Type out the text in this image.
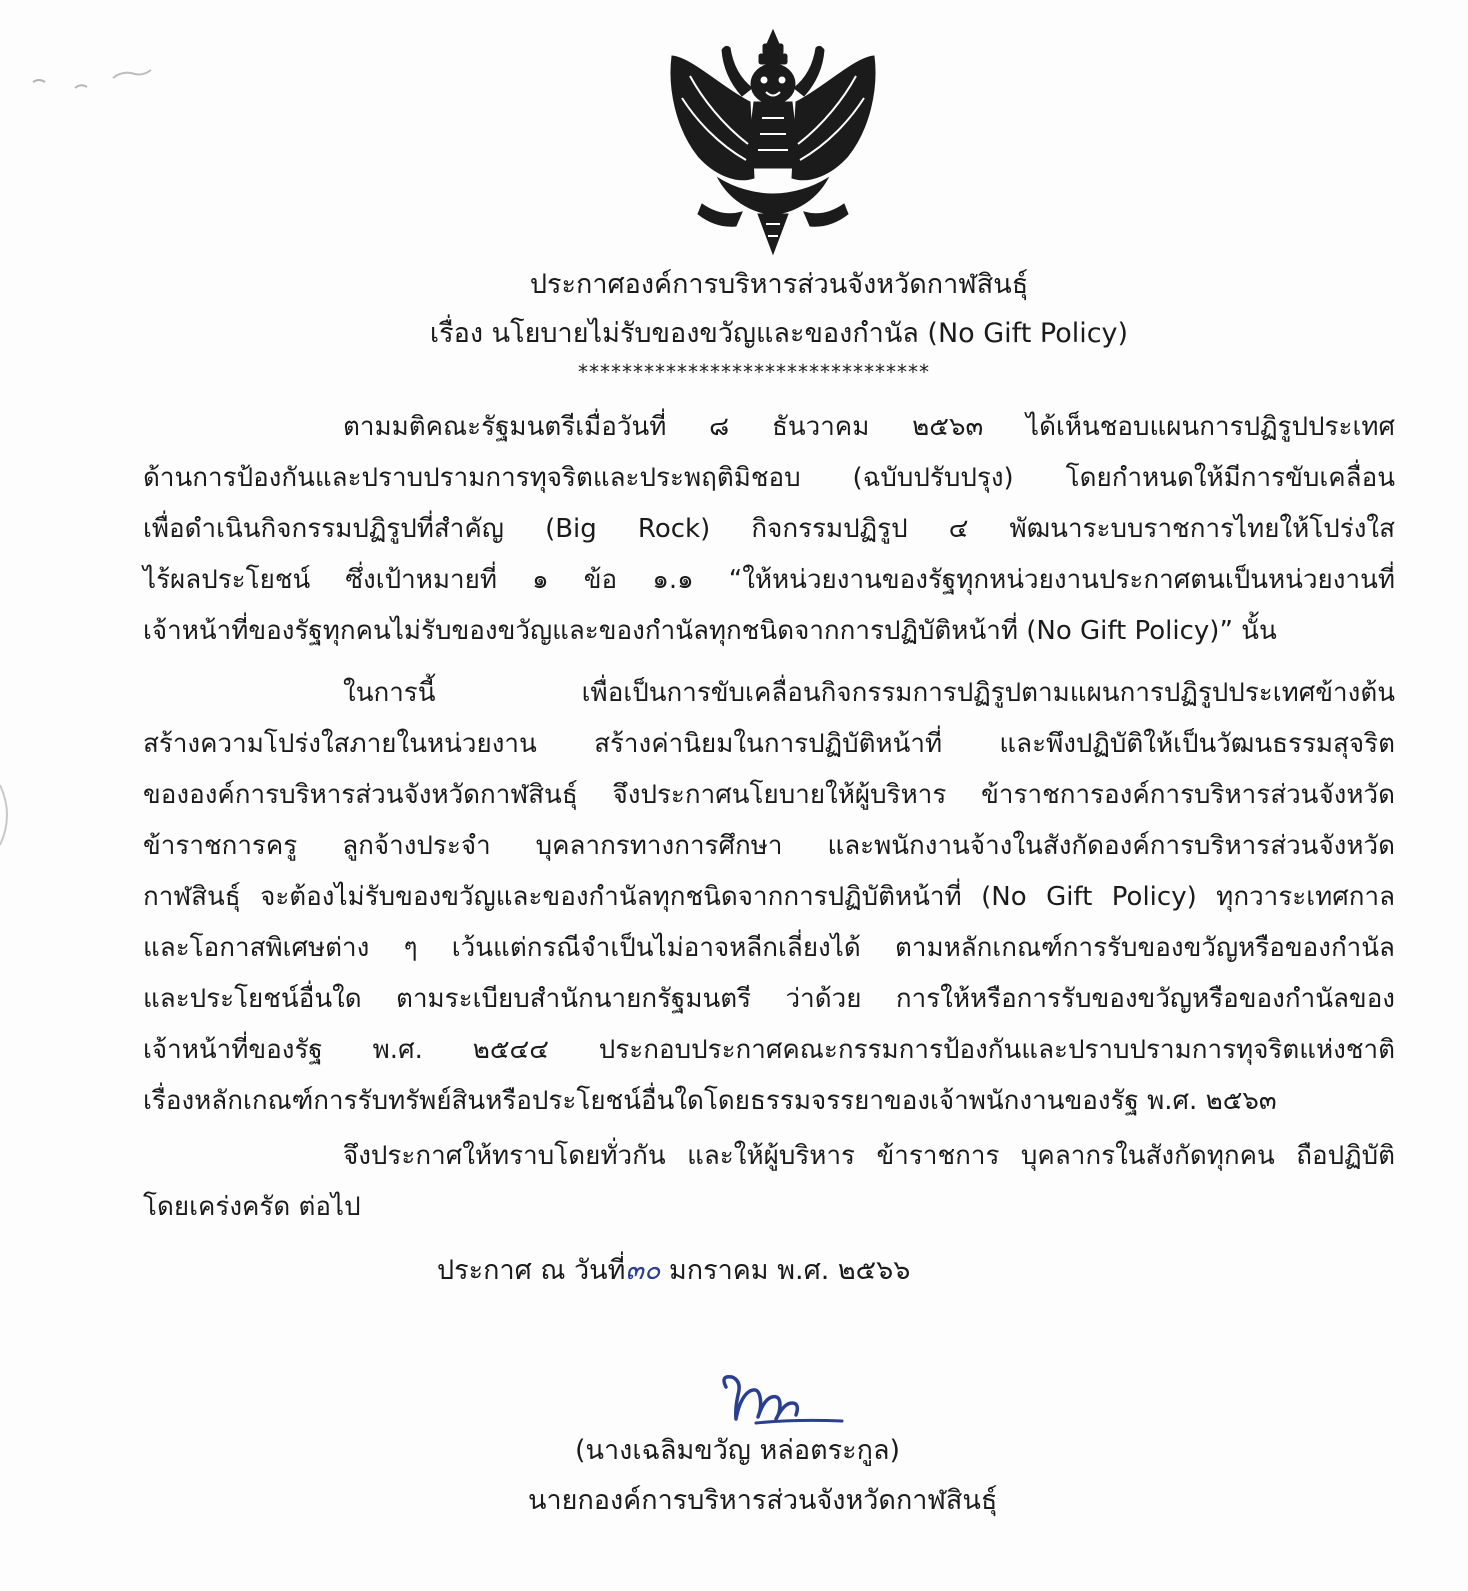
ประกาศองค์การบริหารส่วนจังหวัดกาฬสินธุ์
เรื่อง นโยบายไม่รับของขวัญและของกำนัล (No Gift Policy)
********************************
ตามมติคณะรัฐมนตรีเมื่อวันที่ ๘ ธันวาคม ๒๕๖๓ ได้เห็นชอบแผนการปฏิรูปประเทศ
ด้านการป้องกันและปราบปรามการทุจริตและประพฤติมิชอบ (ฉบับปรับปรุง) โดยกำหนดให้มีการขับเคลื่อน
เพื่อดำเนินกิจกรรมปฏิรูปที่สำคัญ (Big Rock) กิจกรรมปฏิรูป ๔ พัฒนาระบบราชการไทยให้โปร่งใส
ไร้ผลประโยชน์ ซึ่งเป้าหมายที่ ๑ ข้อ ๑.๑ “ให้หน่วยงานของรัฐทุกหน่วยงานประกาศตนเป็นหน่วยงานที่
เจ้าหน้าที่ของรัฐทุกคนไม่รับของขวัญและของกำนัลทุกชนิดจากการปฏิบัติหน้าที่ (No Gift Policy)” นั้น
ในการนี้ เพื่อเป็นการขับเคลื่อนกิจกรรมการปฏิรูปตามแผนการปฏิรูปประเทศข้างต้น
สร้างความโปร่งใสภายในหน่วยงาน สร้างค่านิยมในการปฏิบัติหน้าที่ และพึงปฏิบัติให้เป็นวัฒนธรรมสุจริต
ขององค์การบริหารส่วนจังหวัดกาฬสินธุ์ จึงประกาศนโยบายให้ผู้บริหาร ข้าราชการองค์การบริหารส่วนจังหวัด
ข้าราชการครู ลูกจ้างประจำ บุคลากรทางการศึกษา และพนักงานจ้างในสังกัดองค์การบริหารส่วนจังหวัด
กาฬสินธุ์ จะต้องไม่รับของขวัญและของกำนัลทุกชนิดจากการปฏิบัติหน้าที่ (No Gift Policy) ทุกวาระเทศกาล
และโอกาสพิเศษต่าง ๆ เว้นแต่กรณีจำเป็นไม่อาจหลีกเลี่ยงได้ ตามหลักเกณฑ์การรับของขวัญหรือของกำนัล
และประโยชน์อื่นใด ตามระเบียบสำนักนายกรัฐมนตรี ว่าด้วย การให้หรือการรับของขวัญหรือของกำนัลของ
เจ้าหน้าที่ของรัฐ พ.ศ. ๒๕๔๔ ประกอบประกาศคณะกรรมการป้องกันและปราบปรามการทุจริตแห่งชาติ
เรื่องหลักเกณฑ์การรับทรัพย์สินหรือประโยชน์อื่นใดโดยธรรมจรรยาของเจ้าพนักงานของรัฐ พ.ศ. ๒๕๖๓
จึงประกาศให้ทราบโดยทั่วกัน และให้ผู้บริหาร ข้าราชการ บุคลากรในสังกัดทุกคน ถือปฏิบัติ
โดยเคร่งครัด ต่อไป
ประกาศ ณ วันที่๓๐ มกราคม พ.ศ. ๒๕๖๖
(นางเฉลิมขวัญ หล่อตระกูล)
นายกองค์การบริหารส่วนจังหวัดกาฬสินธุ์
